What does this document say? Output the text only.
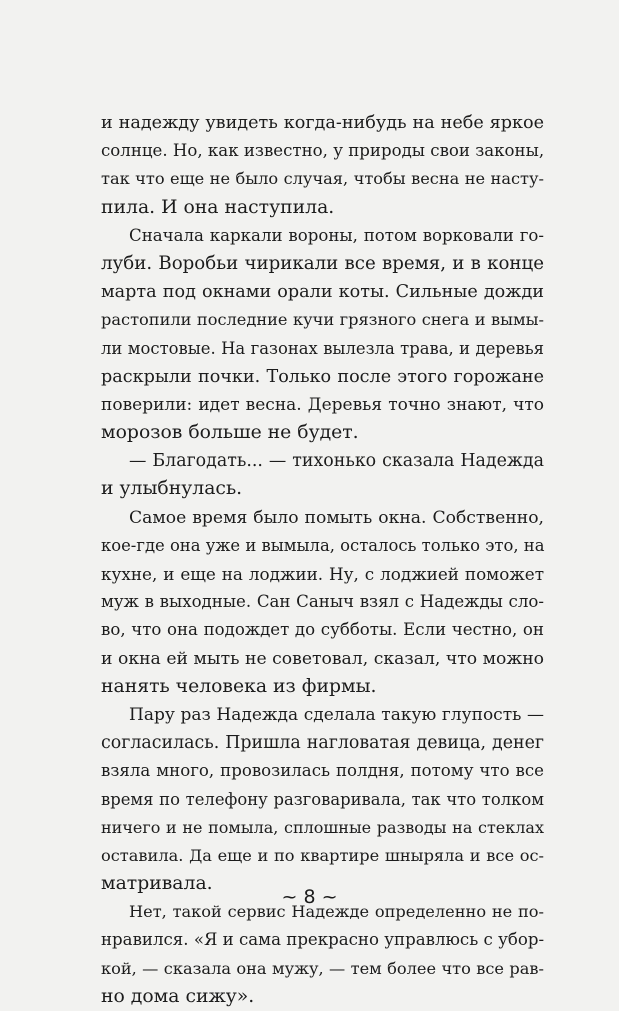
и надежду увидеть когда-нибудь на небе яркое
солнце. Но, как известно, у природы свои законы,
так что еще не было случая, чтобы весна не насту-
пила. И она наступила.
Сначала каркали вороны, потом ворковали го-
луби. Воробьи чирикали все время, и в конце
марта под окнами орали коты. Сильные дожди
растопили последние кучи грязного снега и вымы-
ли мостовые. На газонах вылезла трава, и деревья
раскрыли почки. Только после этого горожане
поверили: идет весна. Деревья точно знают, что
морозов больше не будет.
— Благодать... — тихонько сказала Надежда
и улыбнулась.
Самое время было помыть окна. Собственно,
кое-где она уже и вымыла, осталось только это, на
кухне, и еще на лоджии. Ну, с лоджией поможет
муж в выходные. Сан Саныч взял с Надежды сло-
во, что она подождет до субботы. Если честно, он
и окна ей мыть не советовал, сказал, что можно
нанять человека из фирмы.
Пару раз Надежда сделала такую глупость —
согласилась. Пришла нагловатая девица, денег
взяла много, провозилась полдня, потому что все
время по телефону разговаривала, так что толком
ничего и не помыла, сплошные разводы на стеклах
оставила. Да еще и по квартире шныряла и все ос-
матривала.
Нет, такой сервис Надежде определенно не по-
нравился. «Я и сама прекрасно управлюсь с убор-
кой, — сказала она мужу, — тем более что все рав-
но дома сижу».
~ 8 ~
